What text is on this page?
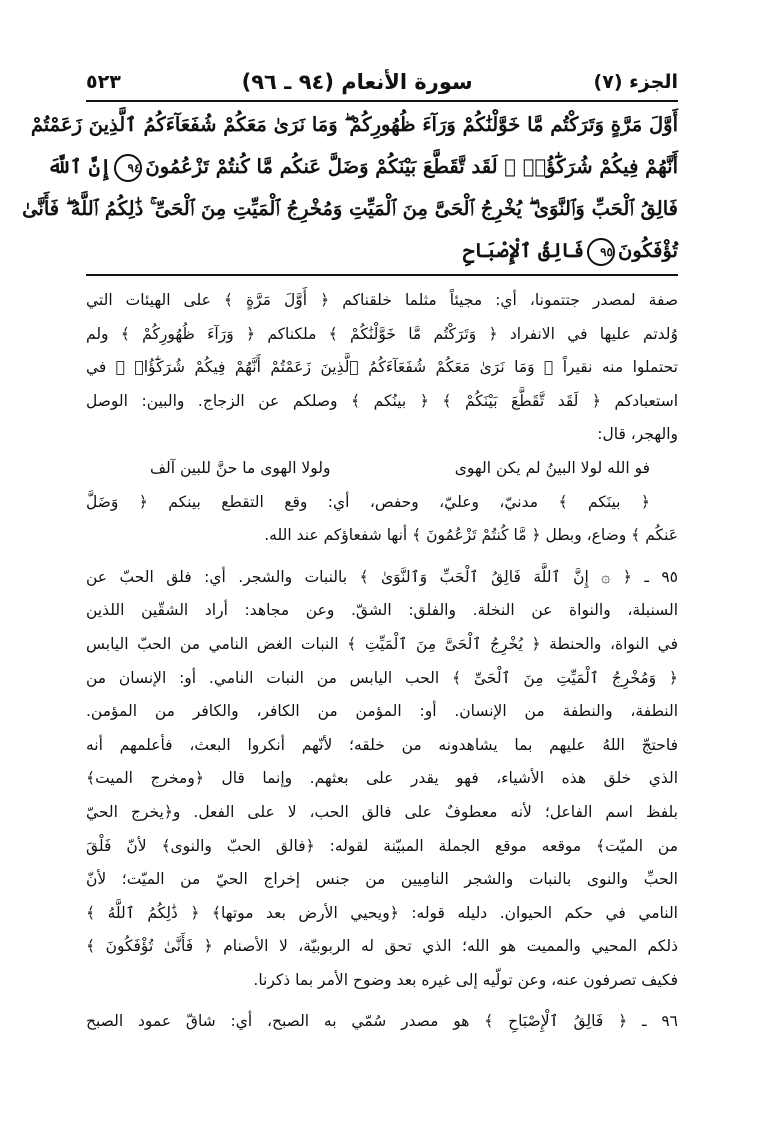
الجزء (٧)
سورة الأنعام (٩٤ ـ ٩٦)
٥٢٣
أَوَّلَ مَرَّةٍ وَتَرَكْتُم مَّا خَوَّلْنَٰكُمْ وَرَآءَ ظُهُورِكُمْ ۖ وَمَا نَرَىٰ مَعَكُمْ شُفَعَآءَكُمُ ٱلَّذِينَ زَعَمْتُمْ
أَنَّهُمْ فِيكُمْ شُرَكَٰٓؤُا۟ ۚ لَقَد تَّقَطَّعَ بَيْنَكُمْ وَضَلَّ عَنكُم مَّا كُنتُمْ تَزْعُمُونَ٩٤إِنَّ ٱللَّهَ
فَالِقُ ٱلْحَبِّ وَٱلنَّوَىٰ ۖ يُخْرِجُ ٱلْحَىَّ مِنَ ٱلْمَيِّتِ وَمُخْرِجُ ٱلْمَيِّتِ مِنَ ٱلْحَىِّ ۚ ذَٰلِكُمُ ٱللَّهُ ۖ فَأَنَّىٰ
تُؤْفَكُونَ٩٥فَالِقُ ٱلْإِصْبَاحِ
صفة لمصدر جتتمونا، أي: مجيئاً مثلما خلقناكم ﴿ أَوَّلَ مَرَّةٍ ﴾ على الهيئات التي
وُلدتم عليها في الانفراد ﴿ وَتَرَكْتُم مَّا خَوَّلْنَٰكُمْ ﴾ ملكناكم ﴿ وَرَآءَ ظُهُورِكُمْ ﴾ ولم
تحتملوا منه نقيراً ﴿ وَمَا نَرَىٰ مَعَكُمْ شُفَعَآءَكُمُ ٱلَّذِينَ زَعَمْتُمْ أَنَّهُمْ فِيكُمْ شُرَكَٰٓؤُا۟ ﴾ في
استعبادكم ﴿ لَقَد تَّقَطَّعَ بَيْنَكُمْ ﴾ ﴿ بينُكم ﴾ وصلكم عن الزجاج. والبين: الوصل
والهجر، قال:
فو الله لولا البينُ لم يكن الهوى
ولولا الهوى ما حنَّ للبين آلف
﴿ بينَكم ﴾ مدنيّ، وعليّ، وحفص، أي: وقع التقطع بينكم ﴿ وَضَلَّ
عَنكُم ﴾ وضاع، وبطل ﴿ مَّا كُنتُمْ تَزْعُمُونَ ﴾ أنها شفعاؤكم عند الله.
٩٥ ـ ﴿ ۞ إِنَّ ٱللَّهَ فَالِقُ ٱلْحَبِّ وَٱلنَّوَىٰ ﴾ بالنبات والشجر. أي: فلق الحبّ عن
السنبلة، والنواة عن النخلة. والفلق: الشقّ. وعن مجاهد: أراد الشقّين اللذين
في النواة، والحنطة ﴿ يُخْرِجُ ٱلْحَىَّ مِنَ ٱلْمَيِّتِ ﴾ النبات الغض النامي من الحبّ اليابس
﴿ وَمُخْرِجُ ٱلْمَيِّتِ مِنَ ٱلْحَىِّ ﴾ الحب اليابس من النبات النامي. أو: الإنسان من
النطفة، والنطفة من الإنسان. أو: المؤمن من الكافر، والكافر من المؤمن.
فاحتجّ اللهُ عليهم بما يشاهدونه من خلقه؛ لأنّهم أنكروا البعث، فأعلمهم أنه
الذي خلق هذه الأشياء، فهو يقدر على بعثهم. وإنما قال ﴿ومخرج الميت﴾
بلفظ اسم الفاعل؛ لأنه معطوفٌ على فالق الحب، لا على الفعل. و﴿يخرج الحيّ
من الميّت﴾ موقعه موقع الجملة المبيّنة لقوله: ﴿فالق الحبّ والنوى﴾ لأنّ فَلْقَ
الحبِّ والنوى بالنبات والشجر النامِيين من جنس إخراج الحيّ من الميّت؛ لأنّ
النامي في حكم الحيوان. دليله قوله: ﴿ويحيي الأرض بعد موتها﴾ ﴿ ذَٰلِكُمُ ٱللَّهُ ﴾
ذلكم المحيي والمميت هو الله؛ الذي تحق له الربوبيّة، لا الأصنام ﴿ فَأَنَّىٰ تُؤْفَكُونَ ﴾
فكيف تصرفون عنه، وعن تولّيه إلى غيره بعد وضوح الأمر بما ذكرنا.
٩٦ ـ ﴿ فَالِقُ ٱلْإِصْبَاحِ ﴾ هو مصدر سُمّي به الصبح، أي: شاقّ عمود الصبح
